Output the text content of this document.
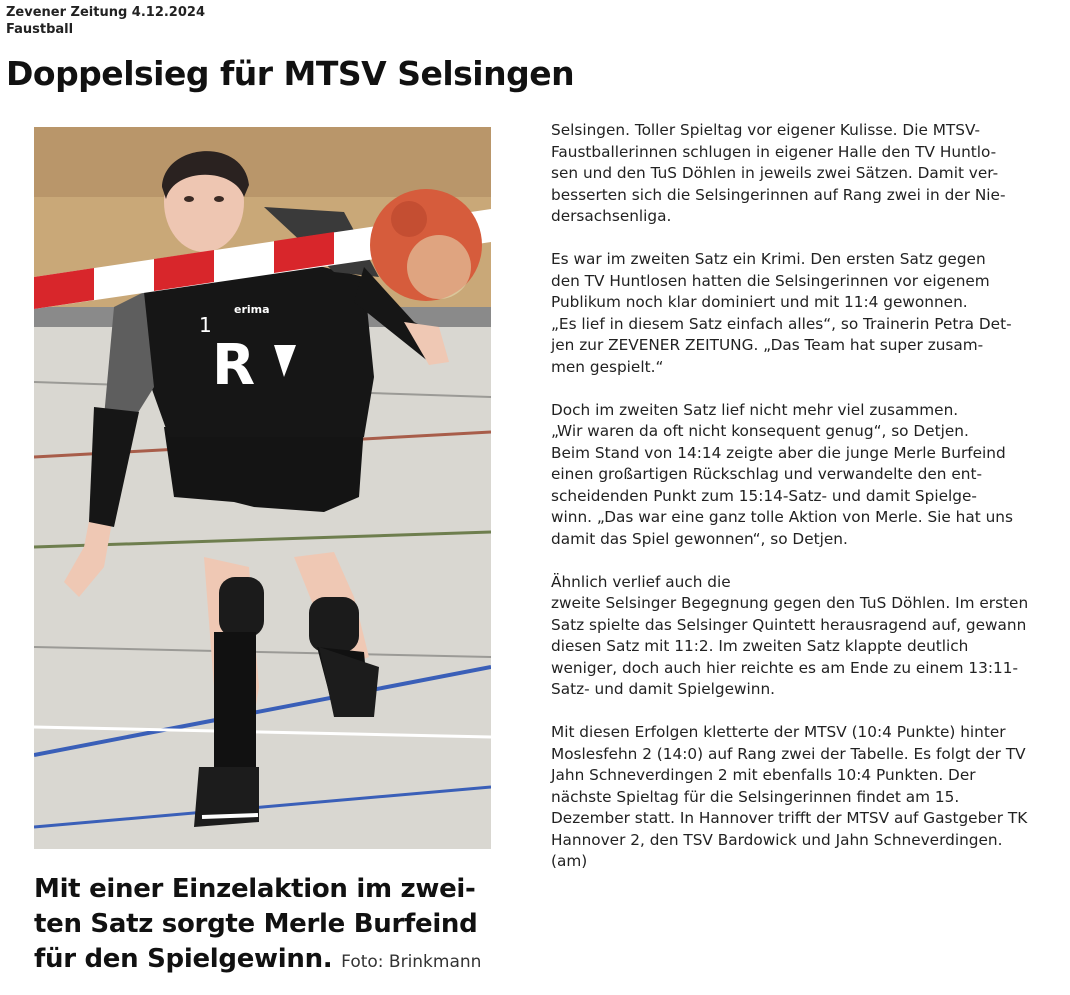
Zevener Zeitung 4.12.2024
Faustball
Doppelsieg für MTSV Selsingen
R
1
erima

Mit einer Einzelaktion im zwei-
ten Satz sorgte Merle Burfeind
für den Spielgewinn. Foto: Brinkmann

Selsingen. Toller Spieltag vor eigener Kulisse. Die MTSV-
Faustballerinnen schlugen in eigener Halle den TV Huntlo-
sen und den TuS Döhlen in jeweils zwei Sätzen. Damit ver-
besserten sich die Selsingerinnen auf Rang zwei in der Nie-
dersachsenliga.

Es war im zweiten Satz ein Krimi. Den ersten Satz gegen
den TV Huntlosen hatten die Selsingerinnen vor eigenem
Publikum noch klar dominiert und mit 11:4 gewonnen.
„Es lief in diesem Satz einfach alles“, so Trainerin Petra Det-
jen zur ZEVENER ZEITUNG. „Das Team hat super zusam-
men gespielt.“

Doch im zweiten Satz lief nicht mehr viel zusammen.
„Wir waren da oft nicht konsequent genug“, so Detjen.
Beim Stand von 14:14 zeigte aber die junge Merle Burfeind
einen großartigen Rückschlag und verwandelte den ent-
scheidenden Punkt zum 15:14-Satz- und damit Spielge-
winn. „Das war eine ganz tolle Aktion von Merle. Sie hat uns
damit das Spiel gewonnen“, so Detjen.

Ähnlich verlief auch die
zweite Selsinger Begegnung gegen den TuS Döhlen. Im ersten
Satz spielte das Selsinger Quintett herausragend auf, gewann
diesen Satz mit 11:2. Im zweiten Satz klappte deutlich
weniger, doch auch hier reichte es am Ende zu einem 13:11-
Satz- und damit Spielgewinn.

Mit diesen Erfolgen kletterte der MTSV (10:4 Punkte) hinter
Moslesfehn 2 (14:0) auf Rang zwei der Tabelle. Es folgt der TV
Jahn Schneverdingen 2 mit ebenfalls 10:4 Punkten. Der
nächste Spieltag für die Selsingerinnen findet am 15.
Dezember statt. In Hannover trifft der MTSV auf Gastgeber TK
Hannover 2, den TSV Bardowick und Jahn Schneverdingen.
(am)
